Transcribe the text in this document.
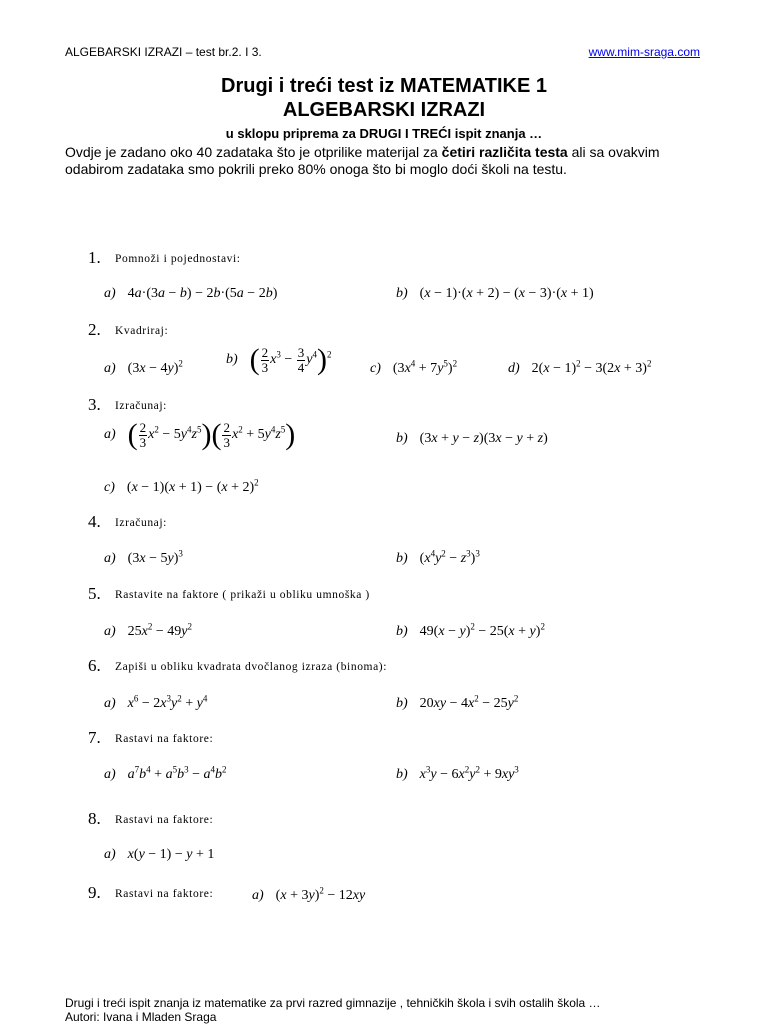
ALGEBARSKI IZRAZI – test br.2. I 3.	www.mim-sraga.com
Drugi i treći test iz MATEMATIKE 1
ALGEBARSKI IZRAZI
u sklopu priprema za DRUGI I TREĆI ispit znanja …
Ovdje je zadano oko 40 zadataka što je otprilike materijal za četiri različita testa ali sa ovakvim odabirom zadataka smo pokrili preko 80% onoga što bi moglo doći školi na testu.
1. Pomnoži i pojednostavi:
a) 4a·(3a − b) − 2b·(5a − 2b)	b) (x − 1)·(x + 2) − (x − 3)·(x + 1)
2. Kvadriraj:
a) $(3x - 4y)^2$	b) ( $\frac{2}{3} x^3 - \frac{3}{4} y^4)^2$
c) $(3x^4 + 7y^5)^2$	d) $2(x - 1)^2 - 3(2x + 3)^2$
3. Izračunaj:
a) ( $\frac{2}{3} x^2 - 5y^4z^5)( \frac{2}{3} x^2 + 5y^4z^5)$	b) (3x + y − z)(3x − y + z)
c) $(x - 1)(x + 1) - (x + 2)^2$
4. Izračunaj:
a) $(3x - 5y)^3$	b) $(x^4y^2 - z^3)^3$
5. Rastavite na faktore ( prikaži u obliku umnoška )
a) $25x^2 - 49y^2$	b) $49(x - y)^2 - 25(x + y)^2$
6. Zapiši u obliku kvadrata dvočlanog izraza (binoma):
a) $x^6 - 2x^3y^2 + y^4$	b) $20xy - 4x^2 - 25y^2$
7. Rastavi na faktore:
a) $a^7b^4 + a^5b^3 - a^4b^2$	b) $x^3y - 6x^2y^2 + 9xy^3$
8. Rastavi na faktore:
a) x(y − 1) − y + 1
9. Rastavi na faktore:	a) $(x + 3y)^2 - 12xy$
Drugi i treći ispit znanja iz matematike za prvi razred gimnazije , tehničkih škola i svih ostalih škola …
Autori: Ivana i Mladen Sraga
